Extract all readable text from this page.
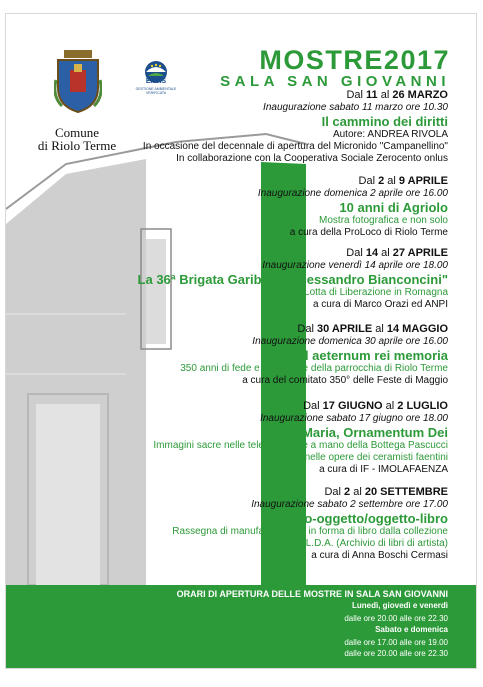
Comune
di Riolo Terme
EMAS
GESTIONE AMBIENTALE VERIFICATA
MOSTRE2017
SALA SAN GIOVANNI
Dal 11 al 26 MARZO
Inaugurazione sabato 11 marzo ore 10.30
Il cammino dei diritti
Autore: ANDREA RIVOLA
In occasione del decennale di apertura del Micronido "Campanellino"
In collaborazione con la Cooperativa Sociale Zerocento onlus
Dal 2 al 9 APRILE
Inaugurazione domenica 2 aprile ore 16.00
10 anni di Agriolo
Mostra fotografica e non solo
a cura della ProLoco di Riolo Terme
Dal 14 al 27 APRILE
Inaugurazione venerdì 14 aprile ore 18.00
La 36ª Brigata Garibaldi "Alessandro Bianconcini"
Lotta di Liberazione in Romagna
a cura di Marco Orazi ed ANPI
Dal 30 APRILE al 14 MAGGIO
Inaugurazione domenica 30 aprile ore 16.00
Ad aeternum rei memoria
350 anni di fede e devozione della parrocchia di Riolo Terme
a cura del comitato 350° delle Feste di Maggio
Dal 17 GIUGNO al 2 LUGLIO
Inaugurazione sabato 17 giugno ore 18.00
Ave Maria, Ornamentum Dei
Immagini sacre nelle tele stampate a mano della Bottega Pascucci
e nelle opere dei ceramisti faentini
a cura di IF - IMOLAFAENZA
Dal 2 al 20 SETTEMBRE
Inaugurazione sabato 2 settembre ore 17.00
Libro-oggetto/oggetto-libro
Rassegna di manufatti artistici in forma di libro dalla collezione
A.L.D.A. (Archivio di libri di artista)
a cura di Anna Boschi Cermasi
ORARI DI APERTURA DELLE MOSTRE IN SALA SAN GIOVANNI
Lunedì, giovedì e venerdì
dalle ore 20.00 alle ore 22.30
Sabato e domenica
dalle ore 17.00 alle ore 19.00
dalle ore 20.00 alle ore 22.30
